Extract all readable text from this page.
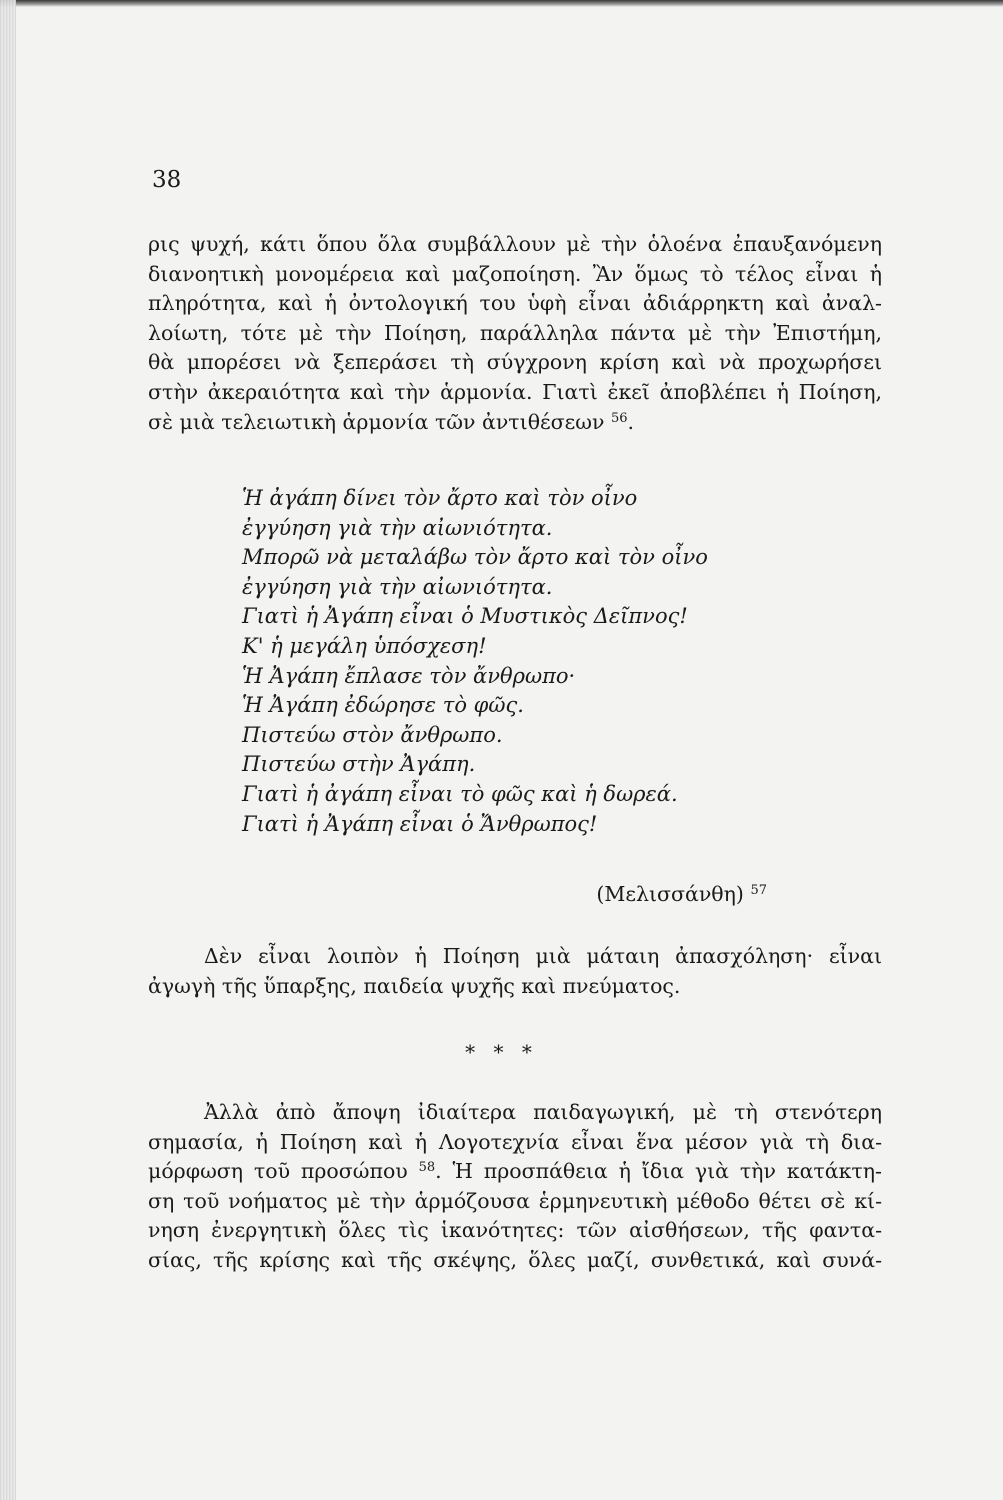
38
ρις ψυχή, κάτι ὅπου ὅλα συμβάλλουν μὲ τὴν ὁλοένα ἐπαυξανόμενη
διανοητικὴ μονομέρεια καὶ μαζοποίηση. Ἂν ὅμως τὸ τέλος εἶναι ἡ
πληρότητα, καὶ ἡ ὀντολογική του ὑφὴ εἶναι ἀδιάρρηκτη καὶ ἀναλ-
λοίωτη, τότε μὲ τὴν Ποίηση, παράλληλα πάντα μὲ τὴν Ἐπιστήμη,
θὰ μπορέσει νὰ ξεπεράσει τὴ σύγχρονη κρίση καὶ νὰ προχωρήσει
στὴν ἀκεραιότητα καὶ τὴν ἁρμονία. Γιατὶ ἐκεῖ ἀποβλέπει ἡ Ποίηση,
σὲ μιὰ τελειωτικὴ ἁρμονία τῶν ἀντιθέσεων $^{56}$.
Ἡ ἀγάπη δίνει τὸν ἄρτο καὶ τὸν οἶνο
ἐγγύηση γιὰ τὴν αἰωνιότητα.
Μπορῶ νὰ μεταλάβω τὸν ἄρτο καὶ τὸν οἶνο
ἐγγύηση γιὰ τὴν αἰωνιότητα.
Γιατὶ ἡ Ἀγάπη εἶναι ὁ Μυστικὸς Δεῖπνος!
Κ' ἡ μεγάλη ὑπόσχεση!
Ἡ Ἀγάπη ἔπλασε τὸν ἄνθρωπο·
Ἡ Ἀγάπη ἐδώρησε τὸ φῶς.
Πιστεύω στὸν ἄνθρωπο.
Πιστεύω στὴν Ἀγάπη.
Γιατὶ ἡ ἀγάπη εἶναι τὸ φῶς καὶ ἡ δωρεά.
Γιατὶ ἡ Ἀγάπη εἶναι ὁ Ἄνθρωπος!
(Μελισσάνθη) $^{57}$
Δὲν εἶναι λοιπὸν ἡ Ποίηση μιὰ μάταιη ἀπασχόληση· εἶναι
ἀγωγὴ τῆς ὕπαρξης, παιδεία ψυχῆς καὶ πνεύματος.
* * *
Ἀλλὰ ἀπὸ ἄποψη ἰδιαίτερα παιδαγωγική, μὲ τὴ στενότερη
σημασία, ἡ Ποίηση καὶ ἡ Λογοτεχνία εἶναι ἕνα μέσον γιὰ τὴ δια-
μόρφωση τοῦ προσώπου $^{58}$. Ἡ προσπάθεια ἡ ἴδια γιὰ τὴν κατάκτη-
ση τοῦ νοήματος μὲ τὴν ἁρμόζουσα ἑρμηνευτικὴ μέθοδο θέτει σὲ κί-
νηση ἐνεργητικὴ ὅλες τὶς ἱκανότητες: τῶν αἰσθήσεων, τῆς φαντα-
σίας, τῆς κρίσης καὶ τῆς σκέψης, ὅλες μαζί, συνθετικά, καὶ συνά-
